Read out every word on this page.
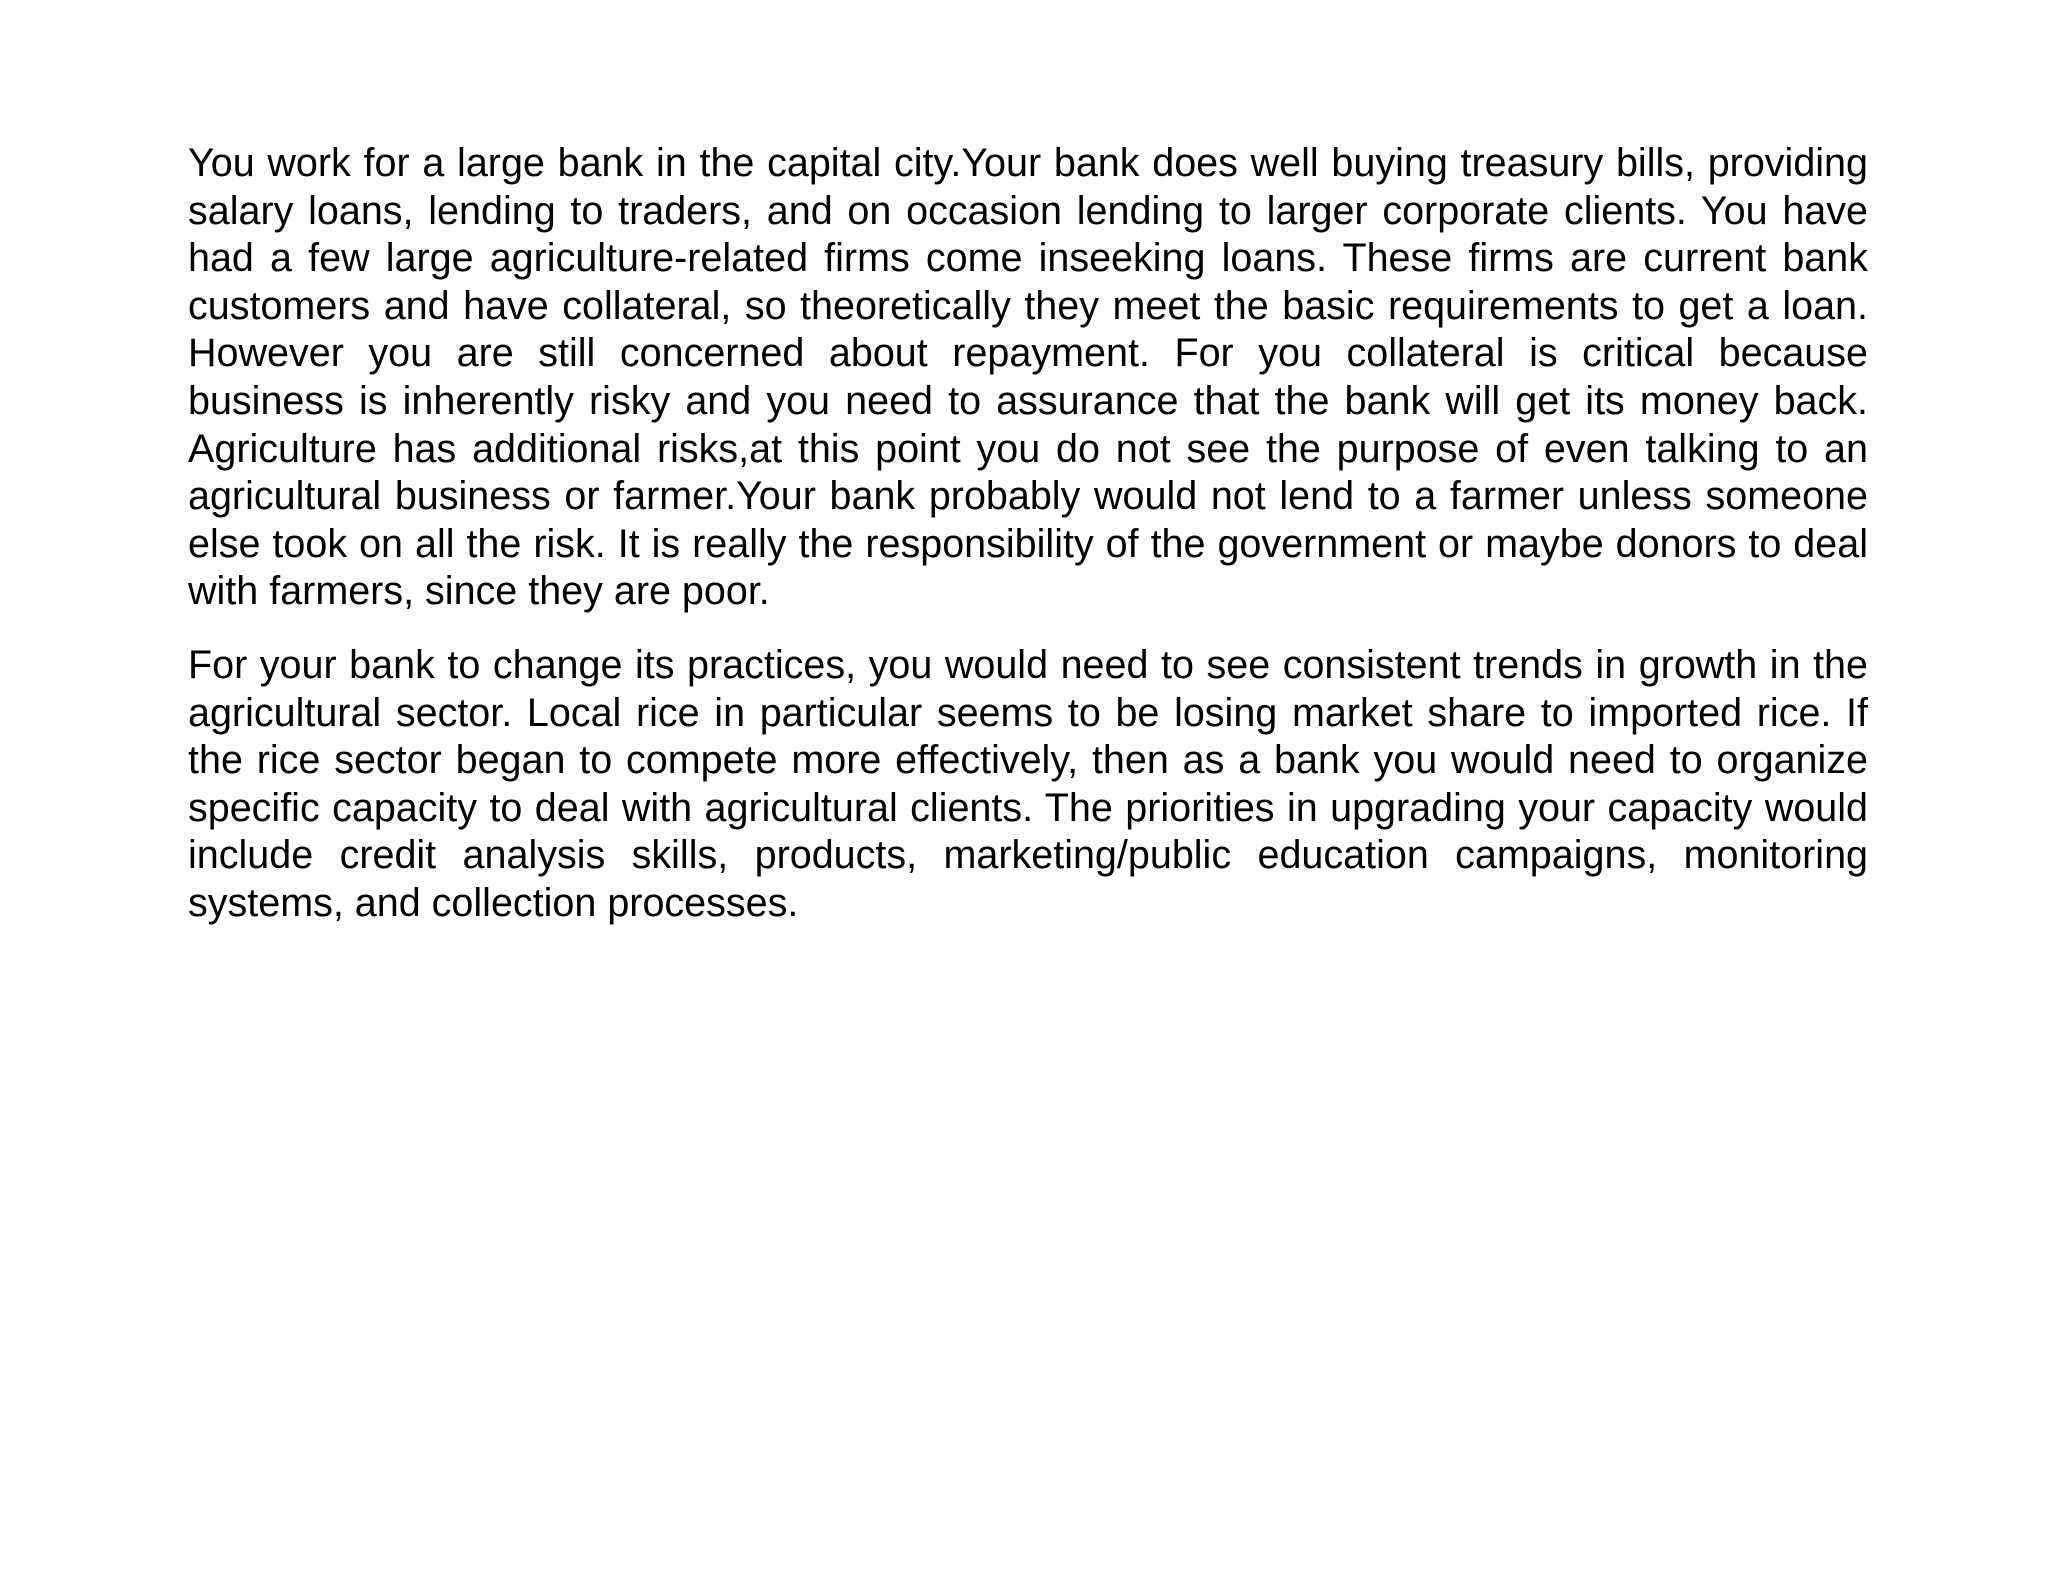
You work for a large bank in the capital city.Your bank does well buying treasury bills, providing salary loans, lending to traders, and on occasion lending to larger corporate clients. You have had a few large agriculture-related firms come inseeking loans. These firms are current bank customers and have collateral, so theoretically they meet the basic requirements to get a loan. However you are still concerned about repayment. For you collateral is critical because business is inherently risky and you need to assurance that the bank will get its money back. Agriculture has additional risks,at this point you do not see the purpose of even talking to an agricultural business or farmer.Your bank probably would not lend to a farmer unless someone else took on all the risk. It is really the responsibility of the government or maybe donors to deal with farmers, since they are poor.

For your bank to change its practices, you would need to see consistent trends in growth in the agricultural sector. Local rice in particular seems to be losing market share to imported rice. If the rice sector began to compete more effectively, then as a bank you would need to organize specific capacity to deal with agricultural clients. The priorities in upgrading your capacity would include credit analysis skills, products, marketing/public education campaigns, monitoring systems, and collection processes.
